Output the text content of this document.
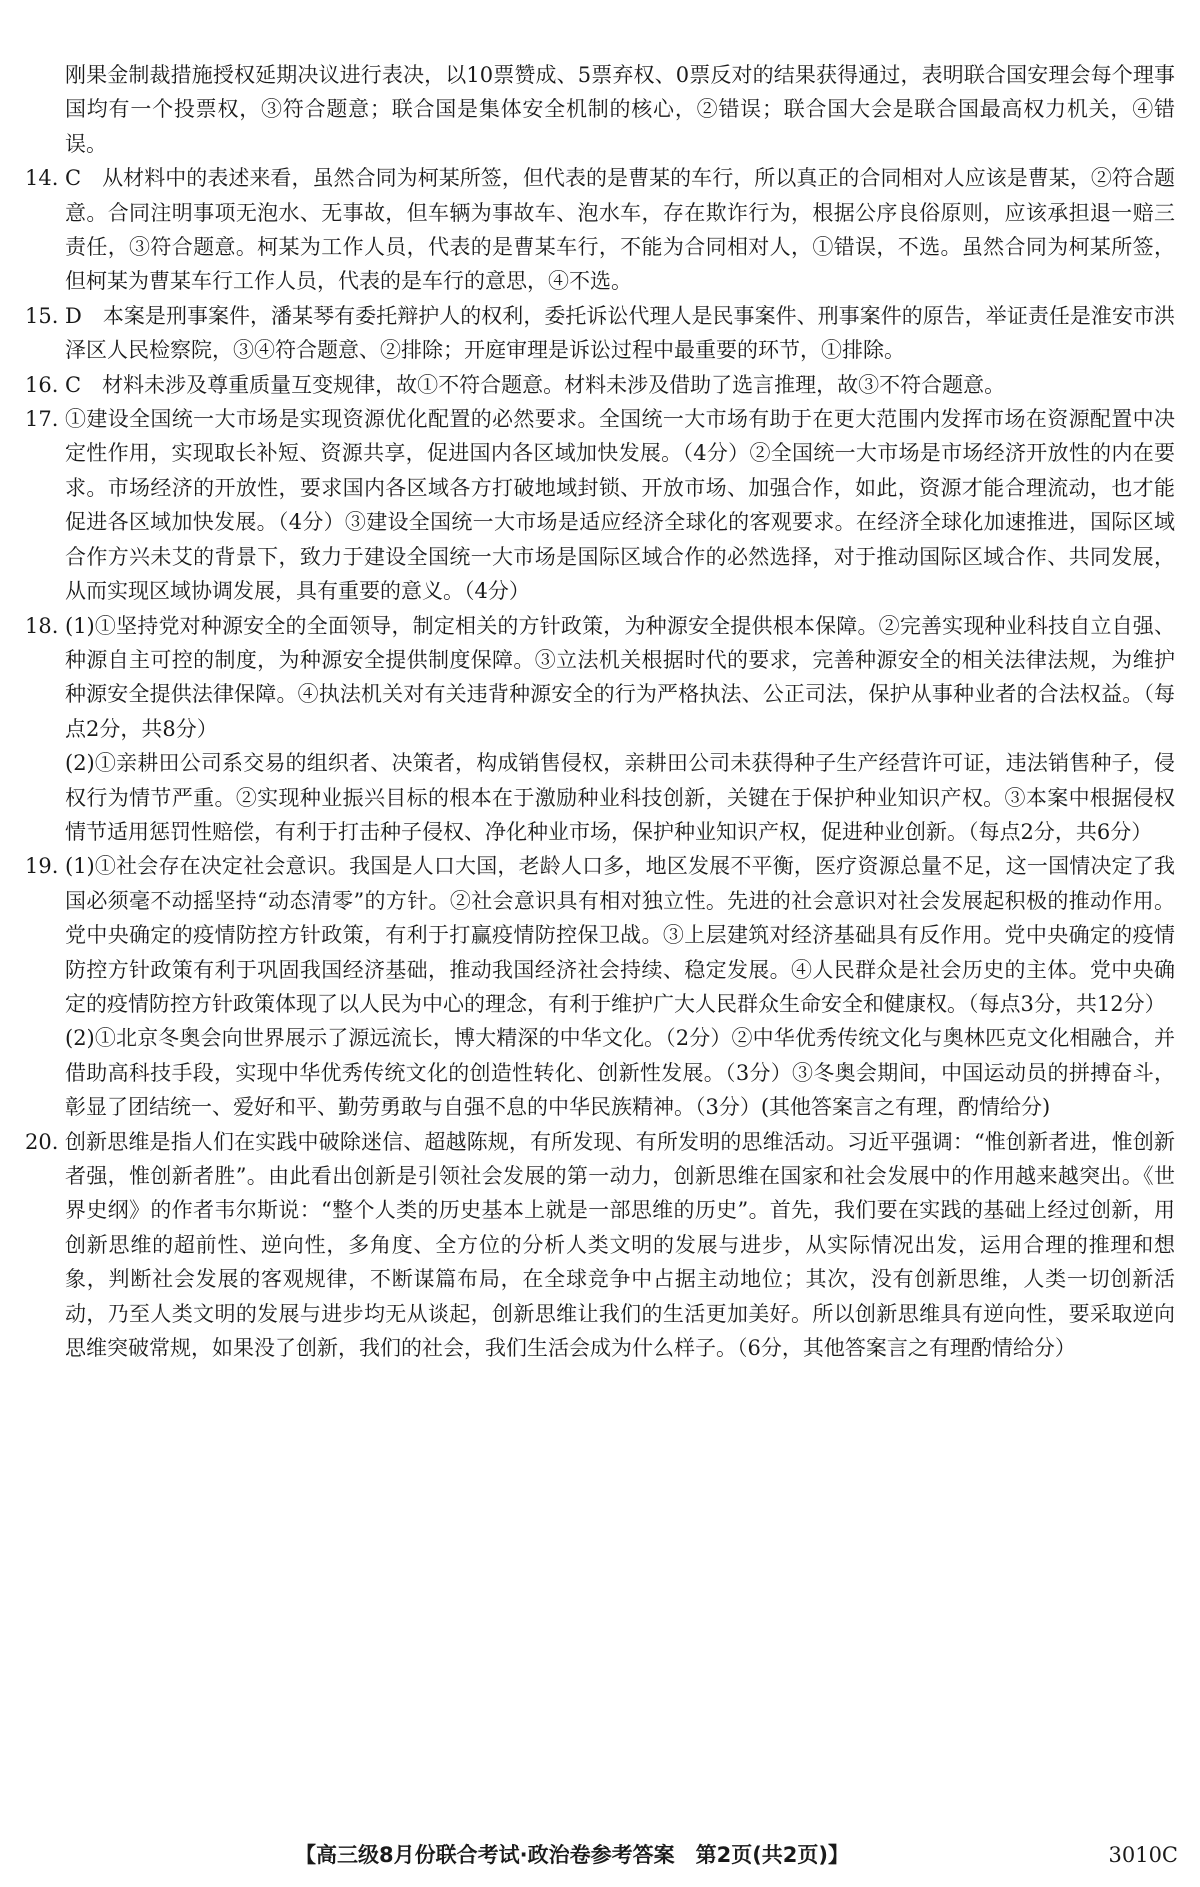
刚果金制裁措施授权延期决议进行表决，以10票赞成、5票弃权、0票反对的结果获得通过，表明联合国安理会每个理事国均有一个投票权，③符合题意；联合国是集体安全机制的核心，②错误；联合国大会是联合国最高权力机关，④错误。

14. C　从材料中的表述来看，虽然合同为柯某所签，但代表的是曹某的车行，所以真正的合同相对人应该是曹某，②符合题意。合同注明事项无泡水、无事故，但车辆为事故车、泡水车，存在欺诈行为，根据公序良俗原则，应该承担退一赔三责任，③符合题意。柯某为工作人员，代表的是曹某车行，不能为合同相对人，①错误，不选。虽然合同为柯某所签，但柯某为曹某车行工作人员，代表的是车行的意思，④不选。

15. D　本案是刑事案件，潘某琴有委托辩护人的权利，委托诉讼代理人是民事案件、刑事案件的原告，举证责任是淮安市洪泽区人民检察院，③④符合题意、②排除；开庭审理是诉讼过程中最重要的环节，①排除。

16. C　材料未涉及尊重质量互变规律，故①不符合题意。材料未涉及借助了选言推理，故③不符合题意。

17. ①建设全国统一大市场是实现资源优化配置的必然要求。全国统一大市场有助于在更大范围内发挥市场在资源配置中决定性作用，实现取长补短、资源共享，促进国内各区域加快发展。（4分）②全国统一大市场是市场经济开放性的内在要求。市场经济的开放性，要求国内各区域各方打破地域封锁、开放市场、加强合作，如此，资源才能合理流动，也才能促进各区域加快发展。（4分）③建设全国统一大市场是适应经济全球化的客观要求。在经济全球化加速推进，国际区域合作方兴未艾的背景下，致力于建设全国统一大市场是国际区域合作的必然选择，对于推动国际区域合作、共同发展，从而实现区域协调发展，具有重要的意义。（4分）

18. (1)①坚持党对种源安全的全面领导，制定相关的方针政策，为种源安全提供根本保障。②完善实现种业科技自立自强、种源自主可控的制度，为种源安全提供制度保障。③立法机关根据时代的要求，完善种源安全的相关法律法规，为维护种源安全提供法律保障。④执法机关对有关违背种源安全的行为严格执法、公正司法，保护从事种业者的合法权益。（每点2分，共8分）

(2)①亲耕田公司系交易的组织者、决策者，构成销售侵权，亲耕田公司未获得种子生产经营许可证，违法销售种子，侵权行为情节严重。②实现种业振兴目标的根本在于激励种业科技创新，关键在于保护种业知识产权。③本案中根据侵权情节适用惩罚性赔偿，有利于打击种子侵权、净化种业市场，保护种业知识产权，促进种业创新。（每点2分，共6分）

19. (1)①社会存在决定社会意识。我国是人口大国，老龄人口多，地区发展不平衡，医疗资源总量不足，这一国情决定了我国必须毫不动摇坚持“动态清零”的方针。②社会意识具有相对独立性。先进的社会意识对社会发展起积极的推动作用。党中央确定的疫情防控方针政策，有利于打赢疫情防控保卫战。③上层建筑对经济基础具有反作用。党中央确定的疫情防控方针政策有利于巩固我国经济基础，推动我国经济社会持续、稳定发展。④人民群众是社会历史的主体。党中央确定的疫情防控方针政策体现了以人民为中心的理念，有利于维护广大人民群众生命安全和健康权。（每点3分，共12分）

(2)①北京冬奥会向世界展示了源远流长，博大精深的中华文化。（2分）②中华优秀传统文化与奥林匹克文化相融合，并借助高科技手段，实现中华优秀传统文化的创造性转化、创新性发展。（3分）③冬奥会期间，中国运动员的拼搏奋斗，彰显了团结统一、爱好和平、勤劳勇敢与自强不息的中华民族精神。（3分）(其他答案言之有理，酌情给分)

20. 创新思维是指人们在实践中破除迷信、超越陈规，有所发现、有所发明的思维活动。习近平强调：“惟创新者进，惟创新者强，惟创新者胜”。由此看出创新是引领社会发展的第一动力，创新思维在国家和社会发展中的作用越来越突出。《世界史纲》的作者韦尔斯说：“整个人类的历史基本上就是一部思维的历史”。首先，我们要在实践的基础上经过创新，用创新思维的超前性、逆向性，多角度、全方位的分析人类文明的发展与进步，从实际情况出发，运用合理的推理和想象，判断社会发展的客观规律，不断谋篇布局，在全球竞争中占据主动地位；其次，没有创新思维，人类一切创新活动，乃至人类文明的发展与进步均无从谈起，创新思维让我们的生活更加美好。所以创新思维具有逆向性，要采取逆向思维突破常规，如果没了创新，我们的社会，我们生活会成为什么样子。（6分，其他答案言之有理酌情给分）

【高三级8月份联合考试·政治卷参考答案　第2页(共2页)】	3010C
